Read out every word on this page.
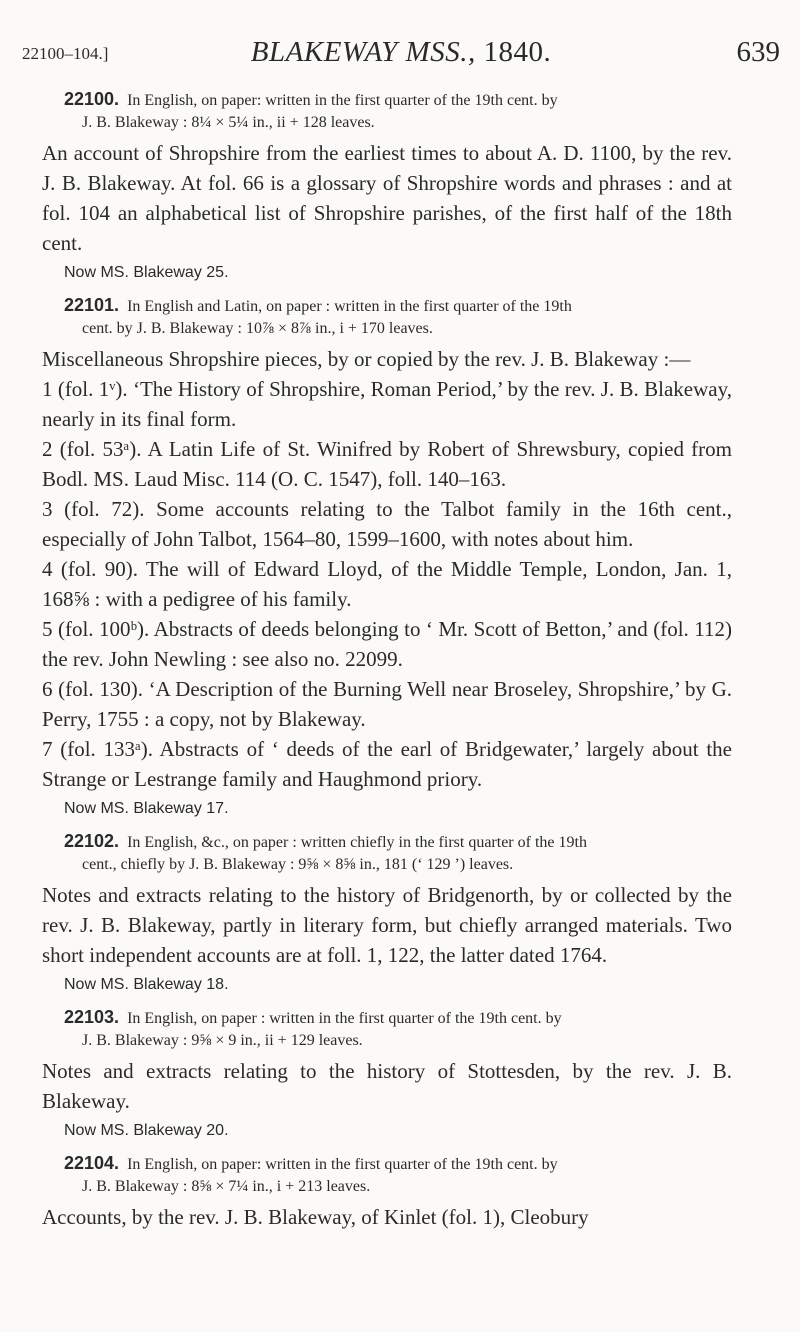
22100–104.]	BLAKEWAY MSS., 1840.	639
22100. In English, on paper: written in the first quarter of the 19th cent. by
J. B. Blakeway : 8¼ × 5¼ in., ii + 128 leaves.

An account of Shropshire from the earliest times to about A. D. 1100, by the rev. J. B. Blakeway. At fol. 66 is a glossary of Shropshire words and phrases : and at fol. 104 an alphabetical list of Shropshire parishes, of the first half of the 18th cent.

Now MS. Blakeway 25.
22101. In English and Latin, on paper : written in the first quarter of the 19th
cent. by J. B. Blakeway : 10⅞ × 8⅞ in., i + 170 leaves.

Miscellaneous Shropshire pieces, by or copied by the rev. J. B. Blakeway :—

1 (fol. 1ᵛ). ‘The History of Shropshire, Roman Period,’ by the rev. J. B. Blakeway, nearly in its final form.

2 (fol. 53ᵃ). A Latin Life of St. Winifred by Robert of Shrewsbury, copied from Bodl. MS. Laud Misc. 114 (O. C. 1547), foll. 140–163.

3 (fol. 72). Some accounts relating to the Talbot family in the 16th cent., especially of John Talbot, 1564–80, 1599–1600, with notes about him.

4 (fol. 90). The will of Edward Lloyd, of the Middle Temple, London, Jan. 1, 168⅝ : with a pedigree of his family.

5 (fol. 100ᵇ). Abstracts of deeds belonging to ‘ Mr. Scott of Betton,’ and (fol. 112) the rev. John Newling : see also no. 22099.

6 (fol. 130). ‘A Description of the Burning Well near Broseley, Shropshire,’ by G. Perry, 1755 : a copy, not by Blakeway.

7 (fol. 133ᵃ). Abstracts of ‘ deeds of the earl of Bridgewater,’ largely about the Strange or Lestrange family and Haughmond priory.

Now MS. Blakeway 17.
22102. In English, &c., on paper : written chiefly in the first quarter of the 19th
cent., chiefly by J. B. Blakeway : 9⅝ × 8⅝ in., 181 (‘ 129 ’) leaves.

Notes and extracts relating to the history of Bridgenorth, by or collected by the rev. J. B. Blakeway, partly in literary form, but chiefly arranged materials. Two short independent accounts are at foll. 1, 122, the latter dated 1764.

Now MS. Blakeway 18.
22103. In English, on paper : written in the first quarter of the 19th cent. by
J. B. Blakeway : 9⅝ × 9 in., ii + 129 leaves.

Notes and extracts relating to the history of Stottesden, by the rev. J. B. Blakeway.

Now MS. Blakeway 20.
22104. In English, on paper: written in the first quarter of the 19th cent. by
J. B. Blakeway : 8⅝ × 7¼ in., i + 213 leaves.

Accounts, by the rev. J. B. Blakeway, of Kinlet (fol. 1), Cleobury
